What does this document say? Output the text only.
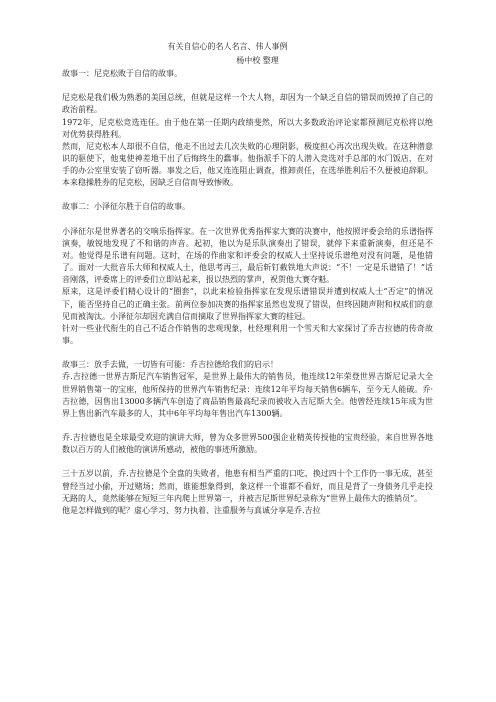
有关自信心的名人名言、伟人事例
杨中校 整理
故事一：尼克松败于自信的故事。

尼克松是我们极为熟悉的美国总统，但就是这样一个大人物，却因为一个缺乏自信的错误而毁掉了自己的政治前程。

1972年，尼克松竞选连任。由于他在第一任期内政绩斐然，所以大多数政治评论家都预测尼克松将以绝对优势获得胜利。

然而，尼克松本人却很不自信，他走不出过去几次失败的心理阴影，极度担心再次出现失败。在这种潜意识的驱使下，他鬼使神差地干出了后悔终生的蠢事。他指派手下的人潜入竞选对手总部的水门饭店，在对手的办公室里安装了窃听器。事发之后，他又连连阻止调查，推卸责任，在选举胜利后不久便被迫辞职。本来稳操胜券的尼克松，因缺乏自信而导致惨败。

故事二：小泽征尔胜于自信的故事。

小泽征尔是世界著名的交响乐指挥家。在一次世界优秀指挥家大赛的决赛中，他按照评委会给的乐谱指挥演奏，敏锐地发现了不和谐的声音。起初，他以为是乐队演奏出了错误，就停下来重新演奏，但还是不对。他觉得是乐谱有问题。这时，在场的作曲家和评委会的权威人士坚持说乐谱绝对没有问题，是他错了。面对一大批音乐大师和权威人士，他思考再三，最后斩钉截铁地大声说：“不！一定是乐谱错了！”话音刚落，评委席上的评委们立即站起来，报以热烈的掌声，祝贺他大赛夺魁。

原来，这是评委们精心设计的“圈套”，以此来检验指挥家在发现乐谱错误并遭到权威人士“否定”的情况下，能否坚持自己的正确主张。前两位参加决赛的指挥家虽然也发现了错误，但终因随声附和权威们的意见而被淘汰。小泽征尔却因充满自信而摘取了世界指挥家大赛的桂冠。

针对一些业代衔生的自己不适合作销售的悲观现象，杜经理利用一个雪天和大家探讨了乔吉拉德的传奇故事。

故事三：放手去做，一切皆有可能：乔吉拉德给我们的启示！

乔.吉拉德一世界吉斯尼汽车销售冠军，是世界上最伟大的销售员，他连续12年荣登世界吉斯尼记录大全世界销售第一的宝座，他所保持的世界汽车销售纪录：连续12年平均每天销售6辆车，至今无人能破。乔·吉拉德，因售出13000多辆汽车创造了商品销售最高纪录而被收入吉尼斯大全。他曾经连续15年成为世界上售出新汽车最多的人，其中6年平均每年售出汽车1300辆。

乔.吉拉德也是全球最受欢迎的演讲大师，曾为众多世界500强企业精英传授他的宝贵经验，来自世界各地数以百万的人们被他的演讲所感动，被他的事迹所激励。

三十五岁以前，乔.吉拉德是个全盘的失败者，他患有相当严重的口吃，换过四十个工作仍一事无成，甚至曾经当过小偷，开过赌场；然而，谁能想象得到，象这样一个谁都不看好，而且是背了一身债务几乎走投无路的人，竟然能够在短短三年内爬上世界第一，并被吉尼斯世界纪录称为“世界上最伟大的推销员”。

他是怎样做到的呢？虚心学习、努力执着、注重服务与真诚分享是乔.吉拉
